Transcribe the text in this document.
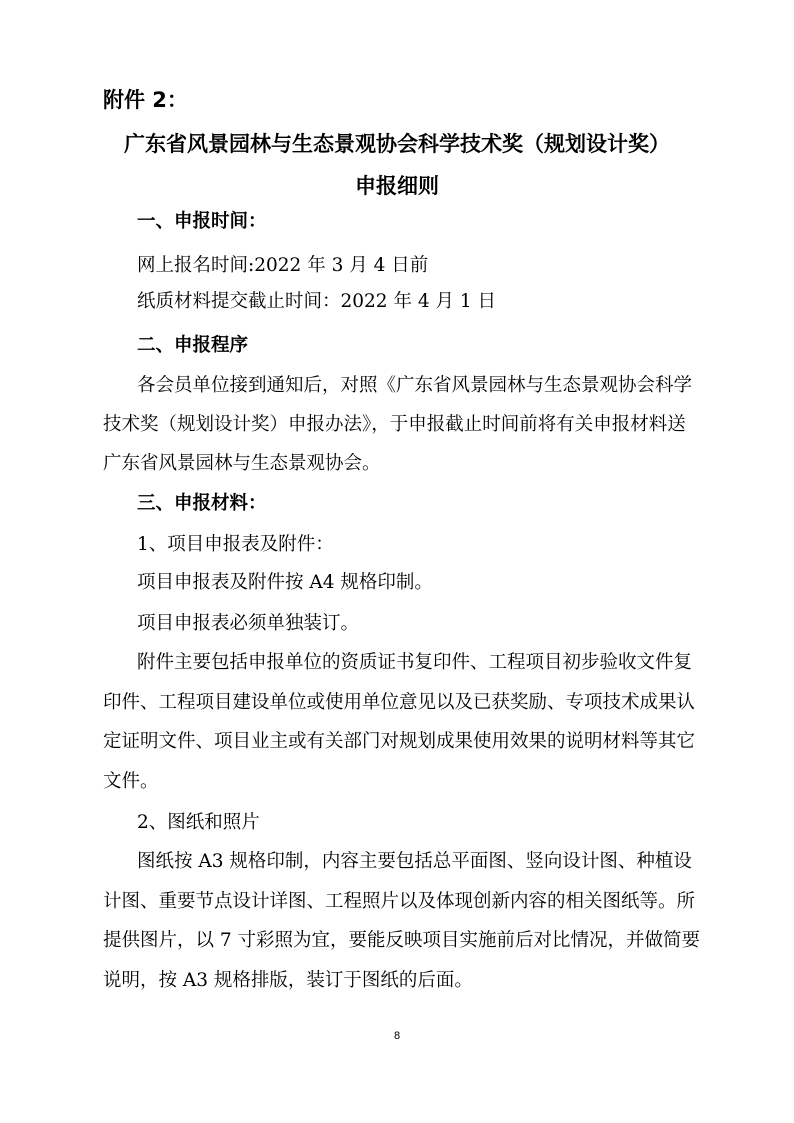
附件 2：
广东省风景园林与生态景观协会科学技术奖（规划设计奖）
申报细则
一、申报时间：
网上报名时间:2022 年 3 月 4 日前
纸质材料提交截止时间：2022 年 4 月 1 日
二、申报程序
各会员单位接到通知后，对照《广东省风景园林与生态景观协会科学
技术奖（规划设计奖）申报办法》，于申报截止时间前将有关申报材料送
广东省风景园林与生态景观协会。
三、申报材料：
1、项目申报表及附件：
项目申报表及附件按 A4 规格印制。
项目申报表必须单独装订。
附件主要包括申报单位的资质证书复印件、工程项目初步验收文件复
印件、工程项目建设单位或使用单位意见以及已获奖励、专项技术成果认
定证明文件、项目业主或有关部门对规划成果使用效果的说明材料等其它
文件。
2、图纸和照片
图纸按 A3 规格印制，内容主要包括总平面图、竖向设计图、种植设
计图、重要节点设计详图、工程照片以及体现创新内容的相关图纸等。所
提供图片，以 7 寸彩照为宜，要能反映项目实施前后对比情况，并做简要
说明，按 A3 规格排版，装订于图纸的后面。
8
